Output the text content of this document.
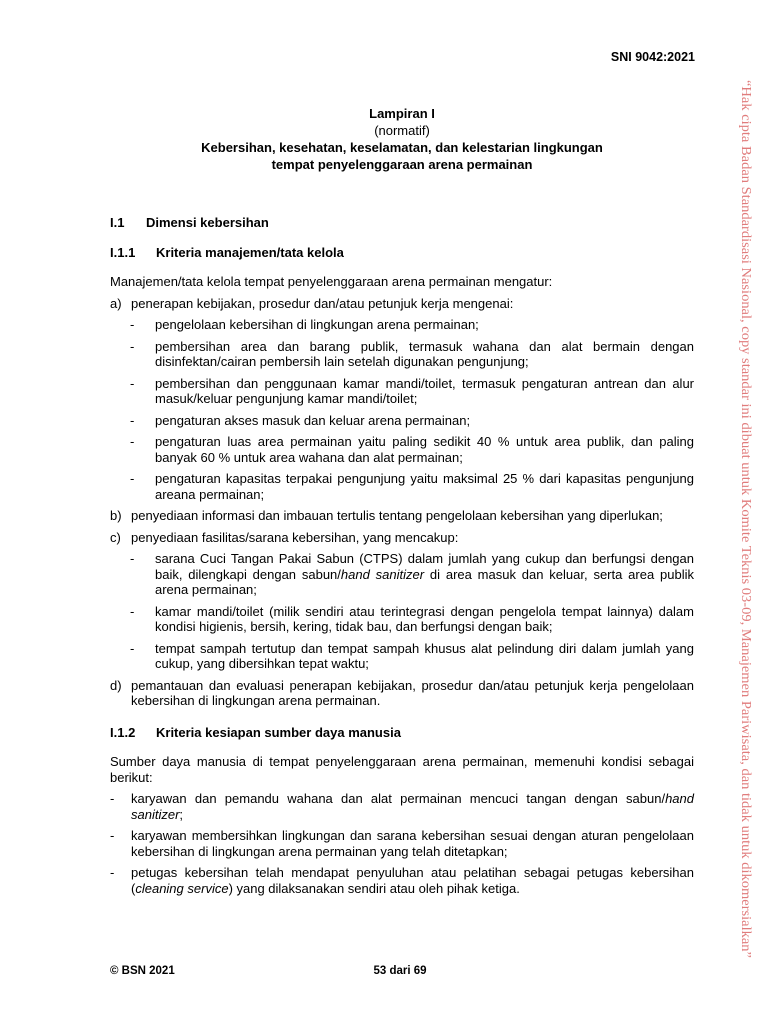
SNI 9042:2021
Lampiran I
(normatif)
Kebersihan, kesehatan, keselamatan, dan kelestarian lingkungan
tempat penyelenggaraan arena permainan
I.1	Dimensi kebersihan
I.1.1	Kriteria manajemen/tata kelola

Manajemen/tata kelola tempat penyelenggaraan arena permainan mengatur:

a) penerapan kebijakan, prosedur dan/atau petunjuk kerja mengenai:
-	pengelolaan kebersihan di lingkungan arena permainan;
-	pembersihan area dan barang publik, termasuk wahana dan alat bermain dengan disinfektan/cairan pembersih lain setelah digunakan pengunjung;
-	pembersihan dan penggunaan kamar mandi/toilet, termasuk pengaturan antrean dan alur masuk/keluar pengunjung kamar mandi/toilet;
-	pengaturan akses masuk dan keluar arena permainan;
-	pengaturan luas area permainan yaitu paling sedikit 40 % untuk area publik, dan paling banyak 60 % untuk area wahana dan alat permainan;
-	pengaturan kapasitas terpakai pengunjung yaitu maksimal 25 % dari kapasitas pengunjung areana permainan;
b) penyediaan informasi dan imbauan tertulis tentang pengelolaan kebersihan yang diperlukan;
c) penyediaan fasilitas/sarana kebersihan, yang mencakup:
-	sarana Cuci Tangan Pakai Sabun (CTPS) dalam jumlah yang cukup dan berfungsi dengan baik, dilengkapi dengan sabun/hand sanitizer di area masuk dan keluar, serta area publik arena permainan;
-	kamar mandi/toilet (milik sendiri atau terintegrasi dengan pengelola tempat lainnya) dalam kondisi higienis, bersih, kering, tidak bau, dan berfungsi dengan baik;
-	tempat sampah tertutup dan tempat sampah khusus alat pelindung diri dalam jumlah yang cukup, yang dibersihkan tepat waktu;
d) pemantauan dan evaluasi penerapan kebijakan, prosedur dan/atau petunjuk kerja pengelolaan kebersihan di lingkungan arena permainan.
I.1.2	Kriteria kesiapan sumber daya manusia

Sumber daya manusia di tempat penyelenggaraan arena permainan, memenuhi kondisi sebagai berikut:

-	karyawan dan pemandu wahana dan alat permainan mencuci tangan dengan sabun/hand sanitizer;
-	karyawan membersihkan lingkungan dan sarana kebersihan sesuai dengan aturan pengelolaan kebersihan di lingkungan arena permainan yang telah ditetapkan;
-	petugas kebersihan telah mendapat penyuluhan atau pelatihan sebagai petugas kebersihan (cleaning service) yang dilaksanakan sendiri atau oleh pihak ketiga.	“Hak cipta Badan Standardisasi Nasional, copy standar ini dibuat untuk Komite Teknis 03-09, Manajemen Pariwisata, dan tidak untuk dikomersialkan”
© BSN 2021	53 dari 69
